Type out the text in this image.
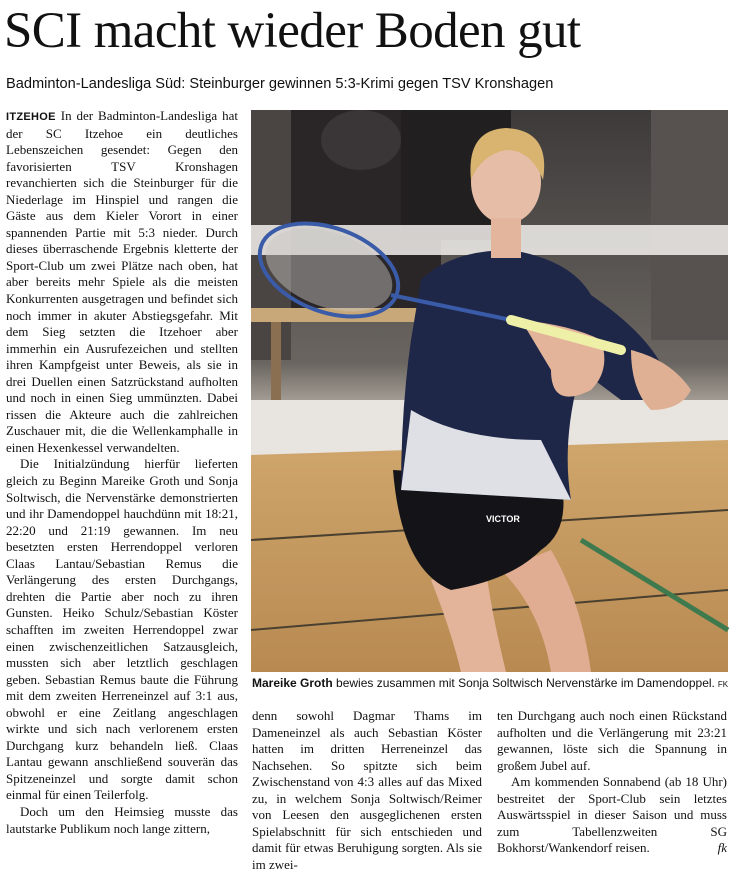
SCI macht wieder Boden gut
Badminton-Landesliga Süd: Steinburger gewinnen 5:3-Krimi gegen TSV Kronshagen

ITZEHOE In der Badminton-Landesliga hat der SC Itzehoe ein deutliches Lebenszeichen gesendet: Gegen den favorisierten TSV Kronshagen revanchierten sich die Steinburger für die Niederlage im Hinspiel und rangen die Gäste aus dem Kieler Vorort in einer spannenden Partie mit 5:3 nieder. Durch dieses überraschende Ergebnis kletterte der Sport-Club um zwei Plätze nach oben, hat aber bereits mehr Spiele als die meisten Konkurrenten ausgetragen und befindet sich noch immer in akuter Abstiegsgefahr. Mit dem Sieg setzten die Itzehoer aber immerhin ein Ausrufezeichen und stellten ihren Kampfgeist unter Beweis, als sie in drei Duellen einen Satzrückstand aufholten und noch in einen Sieg ummünzten. Dabei rissen die Akteure auch die zahlreichen Zuschauer mit, die die Wellenkamphalle in einen Hexenkessel verwandelten.

Die Initialzündung hierfür lieferten gleich zu Beginn Mareike Groth und Sonja Soltwisch, die Nervenstärke demonstrierten und ihr Damendoppel hauchdünn mit 18:21, 22:20 und 21:19 gewannen. Im neu besetzten ersten Herrendoppel verloren Claas Lantau/Sebastian Remus die Verlängerung des ersten Durchgangs, drehten die Partie aber noch zu ihren Gunsten. Heiko Schulz/Sebastian Köster schafften im zweiten Herrendoppel zwar einen zwischenzeitlichen Satzausgleich, mussten sich aber letztlich geschlagen geben. Sebastian Remus baute die Führung mit dem zweiten Herreneinzel auf 3:1 aus, obwohl er eine Zeitlang angeschlagen wirkte und sich nach verlorenem ersten Durchgang kurz behandeln ließ. Claas Lantau gewann anschließend souverän das Spitzeneinzel und sorgte damit schon einmal für einen Teilerfolg.

Doch um den Heimsieg musste das lautstarke Publikum noch lange zittern,

VICTOR
Mareike Groth bewies zusammen mit Sonja Soltwisch Nervenstärke im Damendoppel. FK

denn sowohl Dagmar Thams im Dameneinzel als auch Sebastian Köster hatten im dritten Herreneinzel das Nachsehen. So spitzte sich beim Zwischenstand von 4:3 alles auf das Mixed zu, in welchem Sonja Soltwisch/Reimer von Leesen den ausgeglichenen ersten Spielabschnitt für sich entschieden und damit für etwas Beruhigung sorgten. Als sie im zwei-

ten Durchgang auch noch einen Rückstand aufholten und die Verlängerung mit 23:21 gewannen, löste sich die Spannung in großem Jubel auf.

Am kommenden Sonnabend (ab 18 Uhr) bestreitet der Sport-Club sein letztes Auswärtsspiel in dieser Saison und muss zum Tabellenzweiten SG Bokhorst/Wankendorf reisen.	fk
